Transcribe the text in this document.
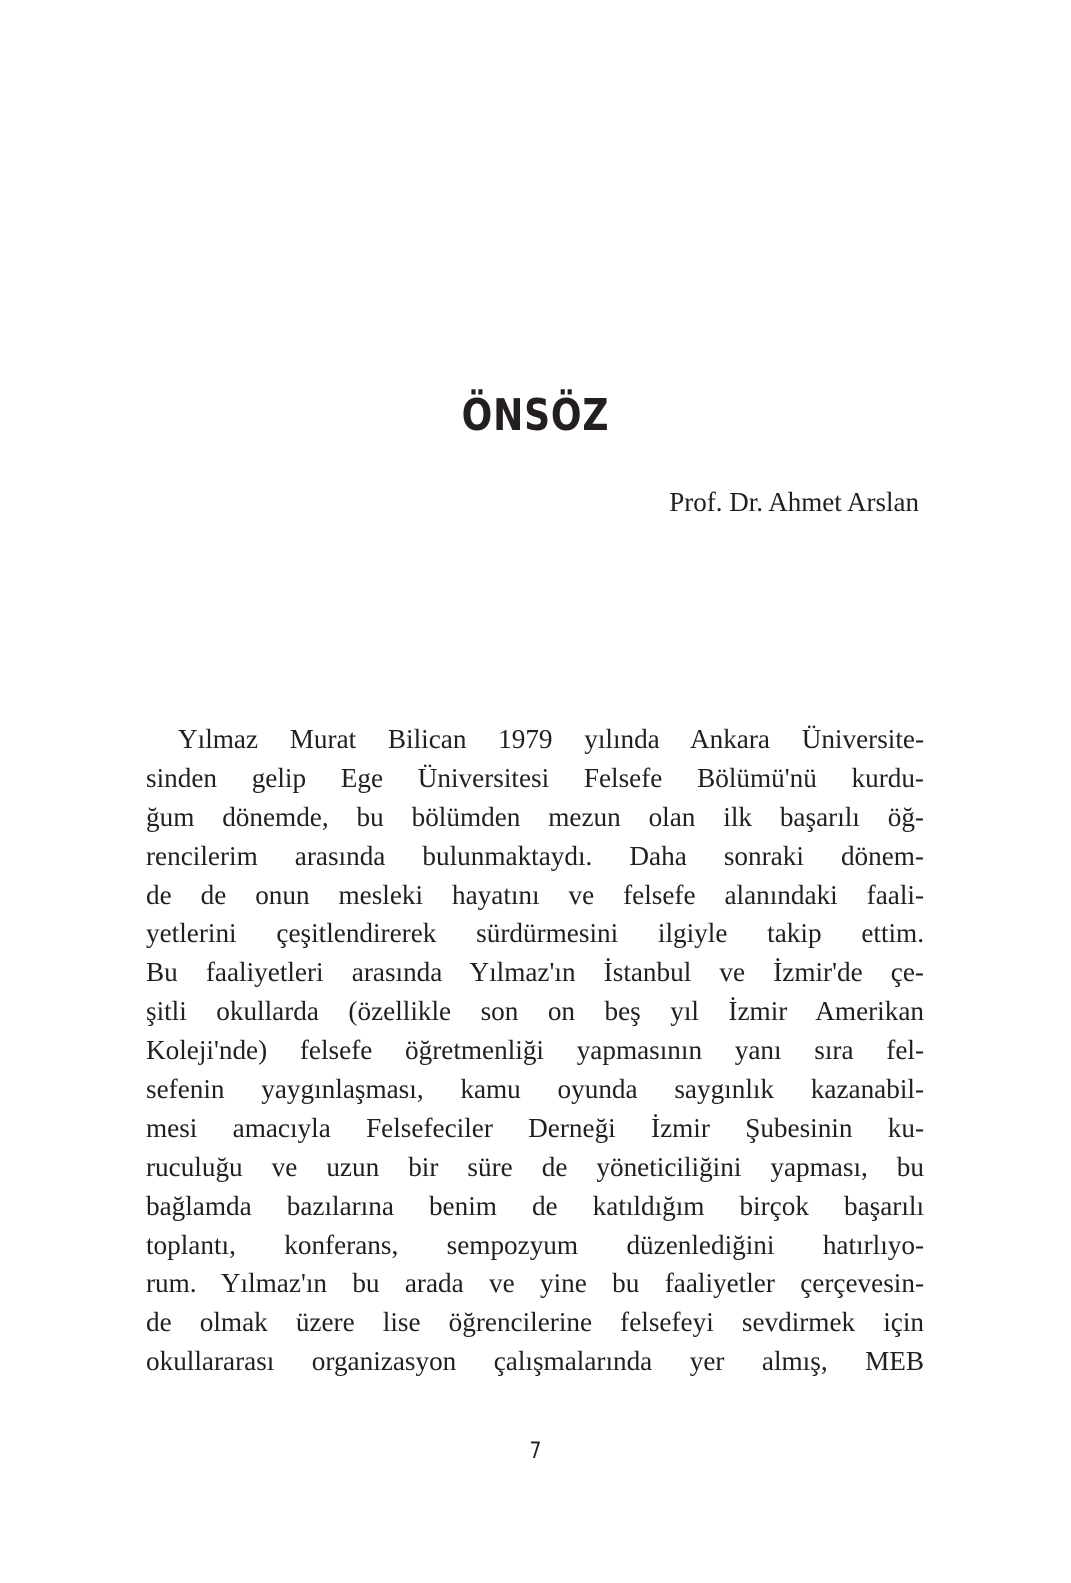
ÖNSÖZ

Prof. Dr. Ahmet Arslan

Yılmaz Murat Bilican 1979 yılında Ankara Üniversite-
sinden gelip Ege Üniversitesi Felsefe Bölümü'nü kurdu-
ğum dönemde, bu bölümden mezun olan ilk başarılı öğ-
rencilerim arasında bulunmaktaydı. Daha sonraki dönem-
de de onun mesleki hayatını ve felsefe alanındaki faali-
yetlerini çeşitlendirerek sürdürmesini ilgiyle takip ettim.
Bu faaliyetleri arasında Yılmaz'ın İstanbul ve İzmir'de çe-
şitli okullarda (özellikle son on beş yıl İzmir Amerikan
Koleji'nde) felsefe öğretmenliği yapmasının yanı sıra fel-
sefenin yaygınlaşması, kamu oyunda saygınlık kazanabil-
mesi amacıyla Felsefeciler Derneği İzmir Şubesinin ku-
ruculuğu ve uzun bir süre de yöneticiliğini yapması, bu
bağlamda bazılarına benim de katıldığım birçok başarılı
toplantı, konferans, sempozyum düzenlediğini hatırlıyo-
rum. Yılmaz'ın bu arada ve yine bu faaliyetler çerçevesin-
de olmak üzere lise öğrencilerine felsefeyi sevdirmek için
okullararası organizasyon çalışmalarında yer almış, MEB
7
